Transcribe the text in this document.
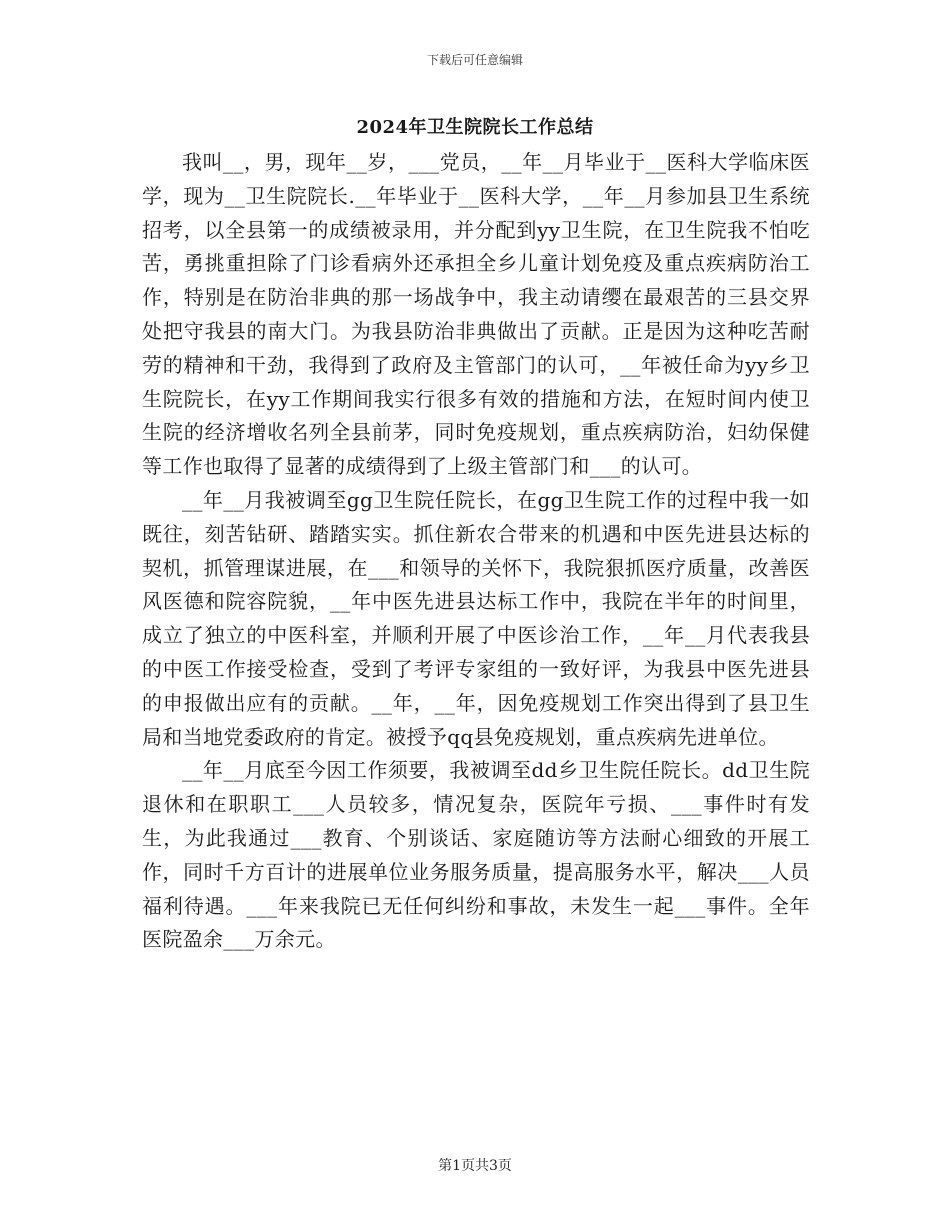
下载后可任意编辑
2024年卫生院院长工作总结

我叫__，男，现年__岁，___党员，__年__月毕业于__医科大学临床医学，现为__卫生院院长.__年毕业于__医科大学，__年__月参加县卫生系统招考，以全县第一的成绩被录用，并分配到yy卫生院，在卫生院我不怕吃苦，勇挑重担除了门诊看病外还承担全乡儿童计划免疫及重点疾病防治工作，特别是在防治非典的那一场战争中，我主动请缨在最艰苦的三县交界处把守我县的南大门。为我县防治非典做出了贡献。正是因为这种吃苦耐劳的精神和干劲，我得到了政府及主管部门的认可，__年被任命为yy乡卫生院院长，在yy工作期间我实行很多有效的措施和方法，在短时间内使卫生院的经济增收名列全县前茅，同时免疫规划，重点疾病防治，妇幼保健等工作也取得了显著的成绩得到了上级主管部门和___的认可。

__年__月我被调至gg卫生院任院长，在gg卫生院工作的过程中我一如既往，刻苦钻研、踏踏实实。抓住新农合带来的机遇和中医先进县达标的契机，抓管理谋进展，在___和领导的关怀下，我院狠抓医疗质量，改善医风医德和院容院貌，__年中医先进县达标工作中，我院在半年的时间里，成立了独立的中医科室，并顺利开展了中医诊治工作，__年__月代表我县的中医工作接受检查，受到了考评专家组的一致好评，为我县中医先进县的申报做出应有的贡献。__年，__年，因免疫规划工作突出得到了县卫生局和当地党委政府的肯定。被授予qq县免疫规划，重点疾病先进单位。

__年__月底至今因工作须要，我被调至dd乡卫生院任院长。dd卫生院退休和在职职工___人员较多，情况复杂，医院年亏损、___事件时有发生，为此我通过___教育、个别谈话、家庭随访等方法耐心细致的开展工作，同时千方百计的进展单位业务服务质量，提高服务水平，解决___人员福利待遇。___年来我院已无任何纠纷和事故，未发生一起___事件。全年医院盈余___万余元。

第1页共3页
